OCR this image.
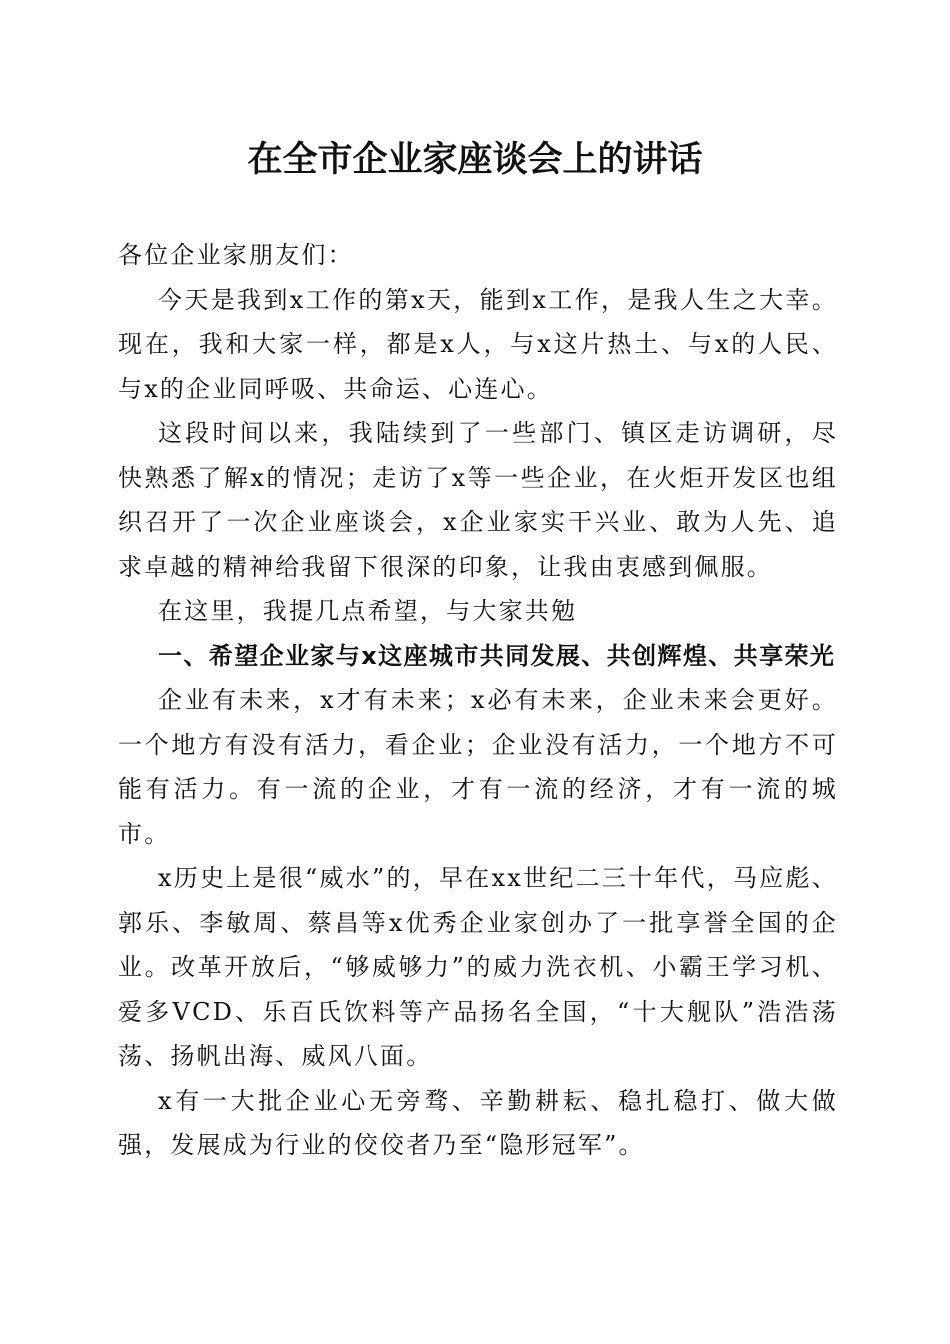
在全市企业家座谈会上的讲话

各位企业家朋友们：

今天是我到x工作的第x天，能到x工作，是我人生之大幸。现在，我和大家一样，都是x人，与x这片热土、与x的人民、与x的企业同呼吸、共命运、心连心。

这段时间以来，我陆续到了一些部门、镇区走访调研，尽快熟悉了解x的情况；走访了x等一些企业，在火炬开发区也组织召开了一次企业座谈会，x企业家实干兴业、敢为人先、追求卓越的精神给我留下很深的印象，让我由衷感到佩服。

在这里，我提几点希望，与大家共勉

一、希望企业家与x这座城市共同发展、共创辉煌、共享荣光

企业有未来，x才有未来；x必有未来，企业未来会更好。一个地方有没有活力，看企业；企业没有活力，一个地方不可能有活力。有一流的企业，才有一流的经济，才有一流的城市。

x历史上是很“威水”的，早在xx世纪二三十年代，马应彪、郭乐、李敏周、蔡昌等x优秀企业家创办了一批享誉全国的企业。改革开放后，“够威够力”的威力洗衣机、小霸王学习机、爱多VCD、乐百氏饮料等产品扬名全国，“十大舰队”浩浩荡荡、扬帆出海、威风八面。

x有一大批企业心无旁骛、辛勤耕耘、稳扎稳打、做大做强，发展成为行业的佼佼者乃至“隐形冠军”。
